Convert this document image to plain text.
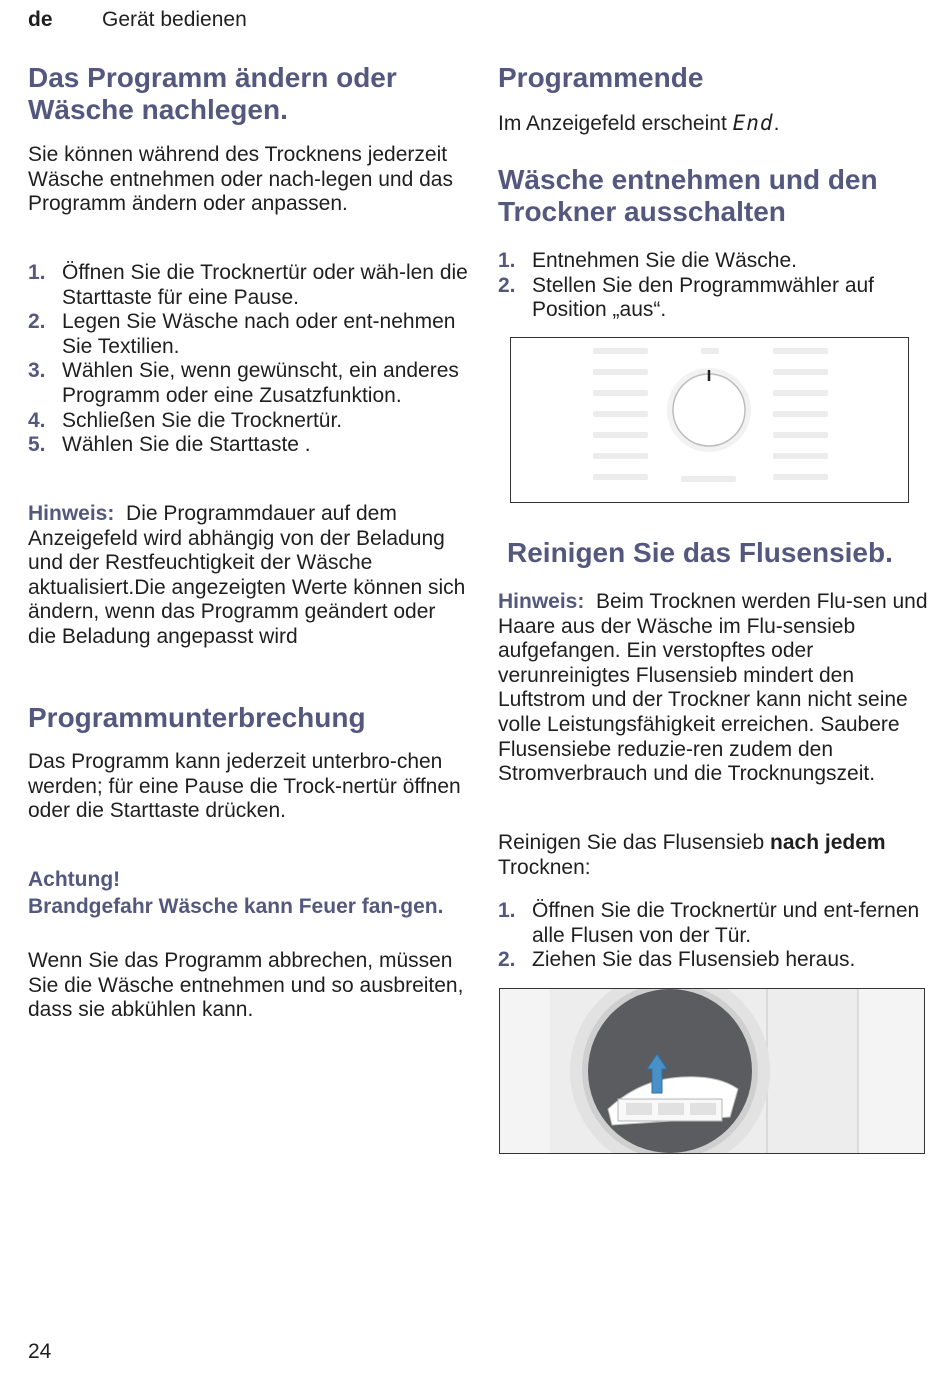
de Gerät bedienen
Das Programm ändern oder Wäsche nachlegen.

Sie können während des Trocknens jederzeit Wäsche entnehmen oder nach-legen und das Programm ändern oder anpassen.

1. Öffnen Sie die Trocknertür oder wäh-len die Starttaste für eine Pause.
2. Legen Sie Wäsche nach oder ent-nehmen Sie Textilien.
3. Wählen Sie, wenn gewünscht, ein anderes Programm oder eine Zusatzfunktion.
4. Schließen Sie die Trocknertür.
5. Wählen Sie die Starttaste .

Hinweis: Die Programmdauer auf dem Anzeigefeld wird abhängig von der Beladung und der Restfeuchtigkeit der Wäsche aktualisiert.Die angezeigten Werte können sich ändern, wenn das Programm geändert oder die Beladung angepasst wird

Programmunterbrechung

Das Programm kann jederzeit unterbro-chen werden; für eine Pause die Trock-nertür öffnen oder die Starttaste drücken.

Achtung!
Brandgefahr Wäsche kann Feuer fan-gen.

Wenn Sie das Programm abbrechen, müssen Sie die Wäsche entnehmen und so ausbreiten, dass sie abkühlen kann.

Programmende

Im Anzeigefeld erscheint End.

Wäsche entnehmen und den Trockner ausschalten
1. Entnehmen Sie die Wäsche.
2. Stellen Sie den Programmwähler auf Position „aus“.
Reinigen Sie das Flusensieb.

Hinweis: Beim Trocknen werden Flu-sen und Haare aus der Wäsche im Flu-sensieb aufgefangen. Ein verstopftes oder verunreinigtes Flusensieb mindert den Luftstrom und der Trockner kann nicht seine volle Leistungsfähigkeit erreichen. Saubere Flusensiebe reduzie-ren zudem den Stromverbrauch und die Trocknungszeit.

Reinigen Sie das Flusensieb nach jedem Trocknen:

1. Öffnen Sie die Trocknertür und ent-fernen alle Flusen von der Tür.
2. Ziehen Sie das Flusensieb heraus.
24
